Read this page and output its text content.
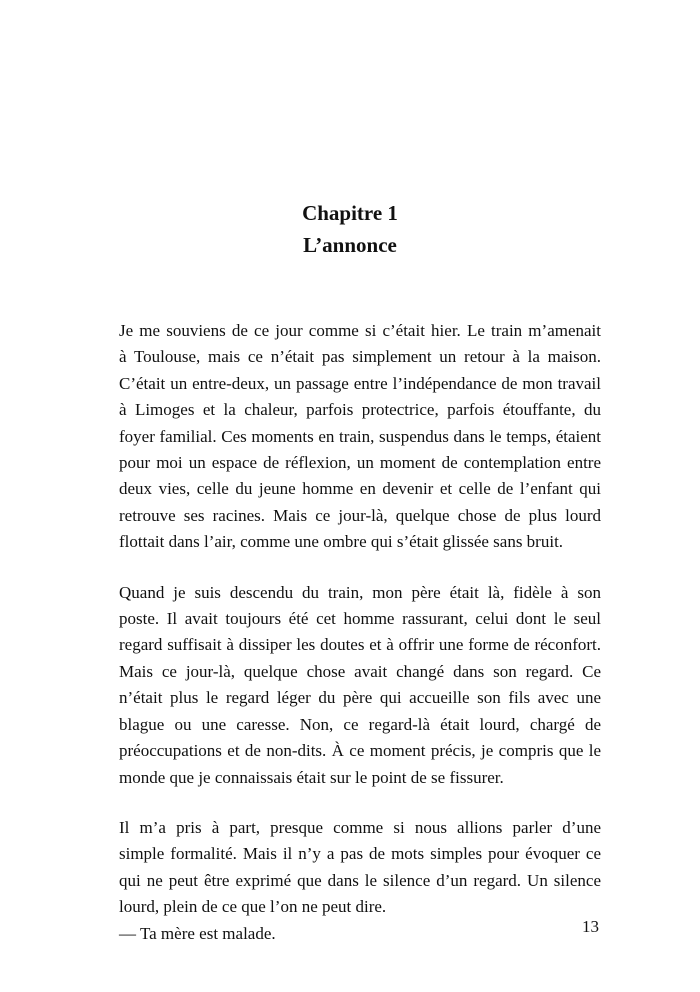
Chapitre 1
L’annonce
Je me souviens de ce jour comme si c’était hier. Le train m’amenait
à Toulouse, mais ce n’était pas simplement un retour à la maison.
C’était un entre-deux, un passage entre l’indépendance de mon travail
à Limoges et la chaleur, parfois protectrice, parfois étouffante, du
foyer familial. Ces moments en train, suspendus dans le temps, étaient
pour moi un espace de réflexion, un moment de contemplation entre
deux vies, celle du jeune homme en devenir et celle de l’enfant qui
retrouve ses racines. Mais ce jour-là, quelque chose de plus lourd
flottait dans l’air, comme une ombre qui s’était glissée sans bruit.
Quand je suis descendu du train, mon père était là, fidèle à son
poste. Il avait toujours été cet homme rassurant, celui dont le seul
regard suffisait à dissiper les doutes et à offrir une forme de réconfort.
Mais ce jour-là, quelque chose avait changé dans son regard. Ce
n’était plus le regard léger du père qui accueille son fils avec une
blague ou une caresse. Non, ce regard-là était lourd, chargé de
préoccupations et de non-dits. À ce moment précis, je compris que le
monde que je connaissais était sur le point de se fissurer.
Il m’a pris à part, presque comme si nous allions parler d’une
simple formalité. Mais il n’y a pas de mots simples pour évoquer ce
qui ne peut être exprimé que dans le silence d’un regard. Un silence
lourd, plein de ce que l’on ne peut dire.
— Ta mère est malade.	13
